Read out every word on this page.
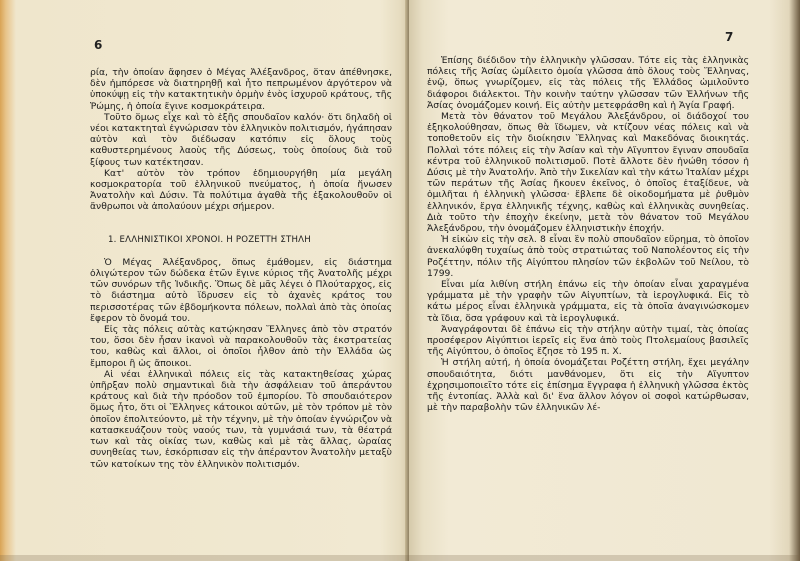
6

ρία, τὴν ὁποίαν ἄφησεν ὁ Μέγας Ἀλέξανδρος, ὅταν ἀπέθνησκε, δὲν ἠμπόρεσε νὰ διατηρηθῇ καὶ ἦτο πεπρωμένον ἀργότερον νὰ ὑποκύψῃ εἰς τὴν κατακτητικὴν ὁρμὴν ἑνὸς ἰσχυροῦ κράτους, τῆς Ῥώμης, ἡ ὁποία ἔγινε κοσμοκράτειρα.

Τοῦτο ὅμως εἶχε καὶ τὸ ἑξῆς σπουδαῖον καλόν· ὅτι δηλαδὴ οἱ νέοι κατακτηταὶ ἐγνώρισαν τὸν ἑλληνικὸν πολιτισμόν, ἠγάπησαν αὐτὸν καὶ τὸν διέδωσαν κατόπιν εἰς ὅλους τοὺς καθυστερημένους λαοὺς τῆς Δύσεως, τοὺς ὁποίους διὰ τοῦ ξίφους των κατέκτησαν.

Κατ' αὐτὸν τὸν τρόπον ἐδημιουργήθη μία μεγάλη κοσμοκρατορία τοῦ ἑλληνικοῦ πνεύματος, ἡ ὁποία ἥνωσεν Ἀνατολὴν καὶ Δύσιν. Τὰ πολύτιμα ἀγαθὰ τῆς ἐξακολουθοῦν οἱ ἄνθρωποι νὰ ἀπολαύουν μέχρι σήμερον.

1. ΕΛΛΗΝΙΣΤΙΚΟΙ ΧΡΟΝΟΙ. Η ΡΟΖΕΤΤΗ ΣΤΗΛΗ

Ὁ Μέγας Ἀλέξανδρος, ὅπως ἐμάθομεν, εἰς διάστημα ὀλιγώτερον τῶν δώδεκα ἐτῶν ἔγινε κύριος τῆς Ἀνατολῆς μέχρι τῶν συνόρων τῆς Ἰνδικῆς. Ὅπως δὲ μᾶς λέγει ὁ Πλούταρχος, εἰς τὸ διάστημα αὐτὸ ἵδρυσεν εἰς τὸ ἀχανὲς κράτος του περισσοτέρας τῶν ἑβδομήκοντα πόλεων, πολλαὶ ἀπὸ τὰς ὁποίας ἔφερον τὸ ὄνομά του.

Εἰς τὰς πόλεις αὐτὰς κατῴκησαν Ἕλληνες ἀπὸ τὸν στρατόν του, ὅσοι δὲν ἦσαν ἱκανοὶ νὰ παρακολουθοῦν τὰς ἐκστρατείας του, καθὼς καὶ ἄλλοι, οἱ ὁποῖοι ἦλθον ἀπὸ τὴν Ἑλλάδα ὡς ἔμποροι ἢ ὡς ἄποικοι.

Αἱ νέαι ἑλληνικαὶ πόλεις εἰς τὰς κατακτηθείσας χώρας ὑπῆρξαν πολὺ σημαντικαὶ διὰ τὴν ἀσφάλειαν τοῦ ἀπεράντου κράτους καὶ διὰ τὴν πρόοδον τοῦ ἐμπορίου. Τὸ σπουδαιότερον ὅμως ἦτο, ὅτι οἱ Ἕλληνες κάτοικοι αὐτῶν, μὲ τὸν τρόπον μὲ τὸν ὁποῖον ἐπολιτεύοντο, μὲ τὴν τέχνην, μὲ τὴν ὁποίαν ἐγνώριζον νὰ κατασκευάζουν τοὺς ναούς των, τὰ γυμνάσιά των, τὰ θέατρά των καὶ τὰς οἰκίας των, καθὼς καὶ μὲ τὰς ἄλλας, ὡραίας συνηθείας των, ἐσκόρπισαν εἰς τὴν ἀπέραντον Ἀνατολὴν μεταξὺ τῶν κατοίκων της τὸν ἑλληνικὸν πολιτισμόν.

7

Ἐπίσης διέδιδον τὴν ἑλληνικὴν γλῶσσαν. Τότε εἰς τὰς ἑλληνικὰς πόλεις τῆς Ἀσίας ὡμίλειτο ὁμοία γλῶσσα ἀπὸ ὅλους τοὺς Ἕλληνας, ἐνῷ, ὅπως γνωρίζομεν, εἰς τὰς πόλεις τῆς Ἑλλάδος ὡμιλοῦντο διάφοροι διάλεκτοι. Τὴν κοινὴν ταύτην γλῶσσαν τῶν Ἑλλήνων τῆς Ἀσίας ὀνομάζομεν κοινή. Εἰς αὐτὴν μετεφράσθη καὶ ἡ Ἁγία Γραφή.

Μετὰ τὸν θάνατον τοῦ Μεγάλου Ἀλεξάνδρου, οἱ διάδοχοί του ἐξηκολούθησαν, ὅπως θὰ ἴδωμεν, νὰ κτίζουν νέας πόλεις καὶ νὰ τοποθετοῦν εἰς τὴν διοίκησιν Ἕλληνας καὶ Μακεδόνας διοικητάς. Πολλαὶ τότε πόλεις εἰς τὴν Ἀσίαν καὶ τὴν Αἴγυπτον ἔγιναν σπουδαῖα κέντρα τοῦ ἑλληνικοῦ πολιτισμοῦ. Ποτὲ ἄλλοτε δὲν ἡνώθη τόσον ἡ Δύσις μὲ τὴν Ἀνατολήν. Ἀπὸ τὴν Σικελίαν καὶ τὴν κάτω Ἰταλίαν μέχρι τῶν περάτων τῆς Ἀσίας ἤκουεν ἐκεῖνος, ὁ ὁποῖος ἐταξίδευε, νὰ ὁμιλῆται ἡ ἑλληνικὴ γλῶσσα· ἔβλεπε δὲ οἰκοδομήματα μὲ ῥυθμὸν ἑλληνικόν, ἔργα ἑλληνικῆς τέχνης, καθὼς καὶ ἑλληνικὰς συνηθείας. Διὰ τοῦτο τὴν ἐποχὴν ἐκείνην, μετὰ τὸν θάνατον τοῦ Μεγάλου Ἀλεξάνδρου, τὴν ὀνομάζομεν ἑλληνιστικὴν ἐποχήν.

Ἡ εἰκὼν εἰς τὴν σελ. 8 εἶναι ἓν πολὺ σπουδαῖον εὕρημα, τὸ ὁποῖον ἀνεκαλύφθη τυχαίως ἀπὸ τοὺς στρατιώτας τοῦ Ναπολέοντος εἰς τὴν Ροζέττην, πόλιν τῆς Αἰγύπτου πλησίον τῶν ἐκβολῶν τοῦ Νείλου, τὸ 1799.

Εἶναι μία λιθίνη στήλη ἐπάνω εἰς τὴν ὁποίαν εἶναι χαραγμένα γράμματα μὲ τὴν γραφὴν τῶν Αἰγυπτίων, τὰ ἱερογλυφικά. Εἰς τὸ κάτω μέρος εἶναι ἑλληνικὰ γράμματα, εἰς τὰ ὁποῖα ἀναγινώσκομεν τὰ ἴδια, ὅσα γράφουν καὶ τὰ ἱερογλυφικά.

Ἀναγράφονται δὲ ἐπάνω εἰς τὴν στήλην αὐτὴν τιμαί, τὰς ὁποίας προσέφερον Αἰγύπτιοι ἱερεῖς εἰς ἕνα ἀπὸ τοὺς Πτολεμαίους βασιλεῖς τῆς Αἰγύπτου, ὁ ὁποῖος ἔζησε τὸ 195 π. Χ.

Ἡ στήλη αὐτή, ἡ ὁποία ὀνομάζεται Ροζέττη στήλη, ἔχει μεγάλην σπουδαιότητα, διότι μανθάνομεν, ὅτι εἰς τὴν Αἴγυπτον ἐχρησιμοποιεῖτο τότε εἰς ἐπίσημα ἔγγραφα ἡ ἑλληνικὴ γλῶσσα ἐκτὸς τῆς ἐντοπίας. Ἀλλὰ καὶ δι' ἕνα ἄλλον λόγον οἱ σοφοὶ κατώρθωσαν, μὲ τὴν παραβολὴν τῶν ἑλληνικῶν λέ-
